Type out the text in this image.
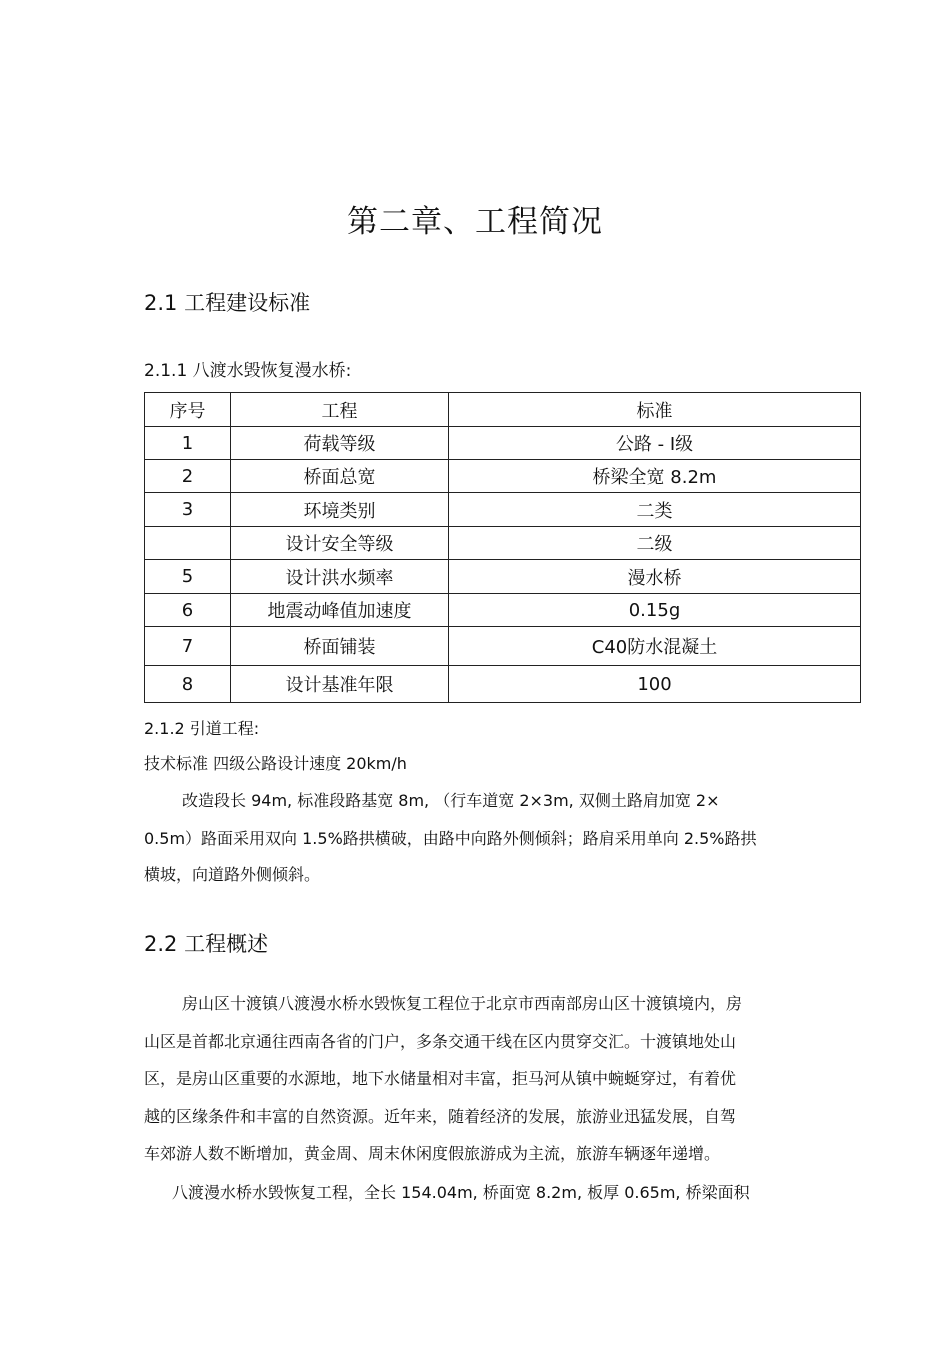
第二章、工程简况
2.1 工程建设标准
2.1.1 八渡水毁恢复漫水桥:
序号	工程	标准
1	荷载等级	公路 - Ⅰ级
2	桥面总宽	桥梁全宽 8.2m
3	环境类别	二类
	设计安全等级	二级
5	设计洪水频率	漫水桥
6	地震动峰值加速度	0.15g
7	桥面铺装	C40防水混凝土
8	设计基准年限	100
2.1.2 引道工程:
技术标准 四级公路设计速度 20km/h
改造段长 94m, 标准段路基宽 8m, （行车道宽 2×3m, 双侧土路肩加宽 2×
0.5m）路面采用双向 1.5%路拱横破，由路中向路外侧倾斜；路肩采用单向 2.5%路拱
横坡，向道路外侧倾斜。
2.2 工程概述
房山区十渡镇八渡漫水桥水毁恢复工程位于北京市西南部房山区十渡镇境内，房
山区是首都北京通往西南各省的门户，多条交通干线在区内贯穿交汇。十渡镇地处山
区，是房山区重要的水源地，地下水储量相对丰富，拒马河从镇中蜿蜒穿过，有着优
越的区缘条件和丰富的自然资源。近年来，随着经济的发展，旅游业迅猛发展，自驾
车郊游人数不断增加，黄金周、周末休闲度假旅游成为主流，旅游车辆逐年递增。
八渡漫水桥水毁恢复工程，全长 154.04m, 桥面宽 8.2m, 板厚 0.65m, 桥梁面积
